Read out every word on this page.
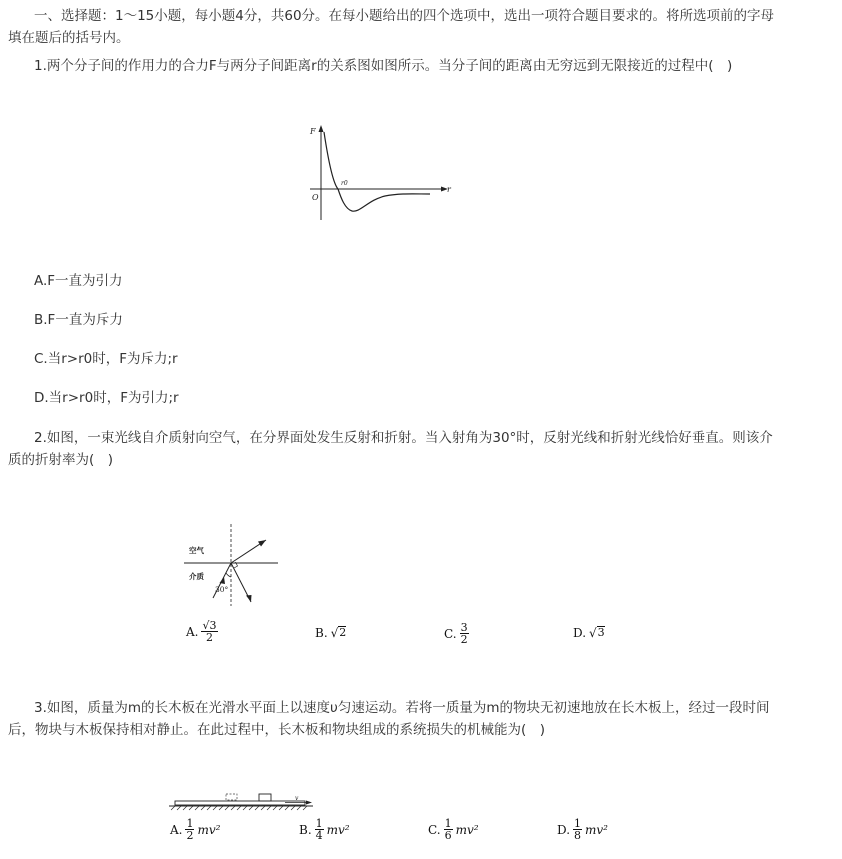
一、选择题：1～15小题，每小题4分，共60分。在每小题给出的四个选项中，选出一项符合题目要求的。将所选项前的字母
填在题后的括号内。

1.两个分子间的作用力的合力F与两分子间距离r的关系图如图所示。当分子间的距离由无穷远到无限接近的过程中(　)

F
r
O
r0
A.F一直为引力
B.F一直为斥力
C.当r>r0时，F为斥力;r
D.当r>r0时，F为引力;r

2.如图，一束光线自介质射向空气，在分界面处发生反射和折射。当入射角为30°时，反射光线和折射光线恰好垂直。则该介
质的折射率为(　)

空气
介质
30°
A. $\frac{√3}{2}$	B. √ 2	C. $\frac{3}{2}$	D. √ 3

3.如图，质量为m的长木板在光滑水平面上以速度υ匀速运动。若将一质量为m的物块无初速地放在长木板上，经过一段时间
后，物块与木板保持相对静止。在此过程中，长木板和物块组成的系统损失的机械能为(　)

v
A. $\frac{1}{2} mv^2$	B. $\frac{1}{4} mv^2$	C. $\frac{1}{6} mv^2$	D. $\frac{1}{8} mv^2$
